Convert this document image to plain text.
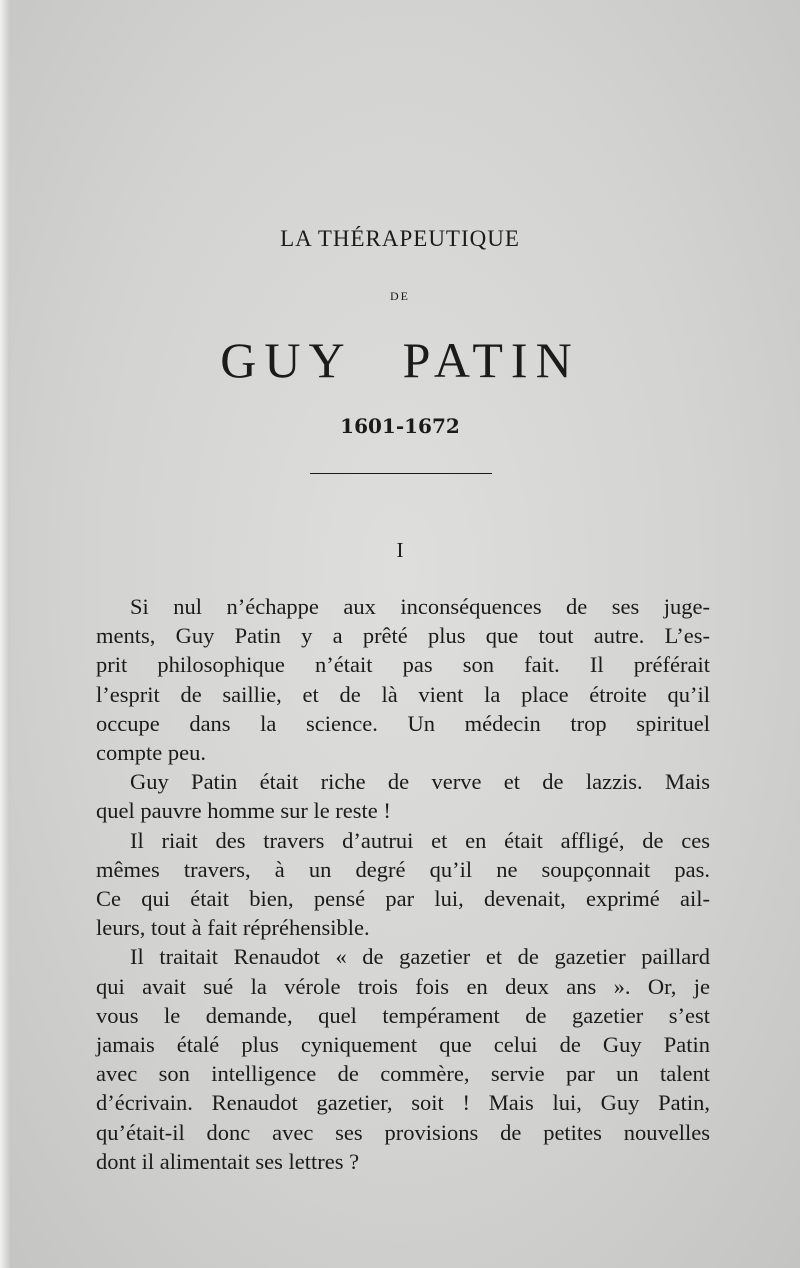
LA THÉRAPEUTIQUE
DE
GUY PATIN
1601-1672
I

Si nul n’échappe aux inconséquences de ses juge-
ments, Guy Patin y a prêté plus que tout autre. L’es-
prit philosophique n’était pas son fait. Il préférait
l’esprit de saillie, et de là vient la place étroite qu’il
occupe dans la science. Un médecin trop spirituel
compte peu.

Guy Patin était riche de verve et de lazzis. Mais
quel pauvre homme sur le reste !

Il riait des travers d’autrui et en était affligé, de ces
mêmes travers, à un degré qu’il ne soupçonnait pas.
Ce qui était bien, pensé par lui, devenait, exprimé ail-
leurs, tout à fait répréhensible.

Il traitait Renaudot « de gazetier et de gazetier paillard
qui avait sué la vérole trois fois en deux ans ». Or, je
vous le demande, quel tempérament de gazetier s’est
jamais étalé plus cyniquement que celui de Guy Patin
avec son intelligence de commère, servie par un talent
d’écrivain. Renaudot gazetier, soit ! Mais lui, Guy Patin,
qu’était-il donc avec ses provisions de petites nouvelles
dont il alimentait ses lettres ?
